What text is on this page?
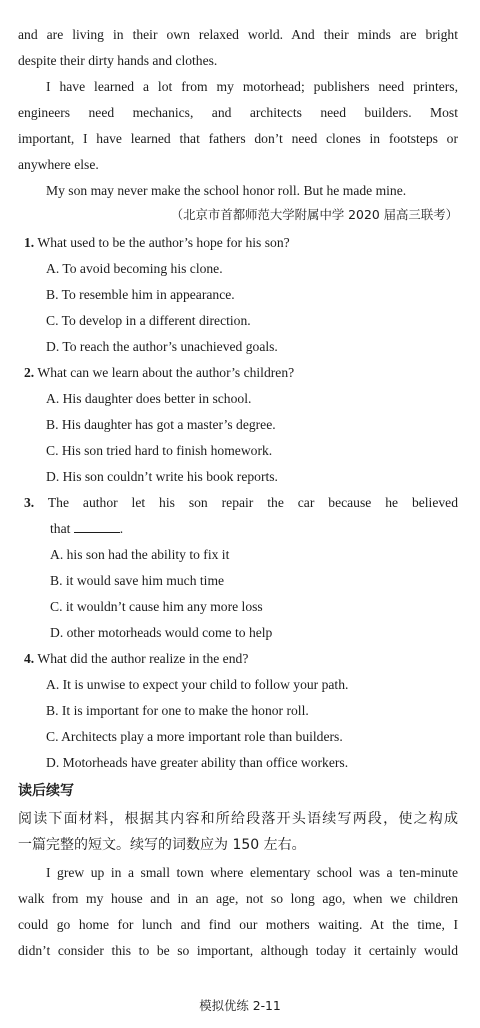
and are living in their own relaxed world. And their minds are bright
despite their dirty hands and clothes.
I have learned a lot from my motorhead; publishers need printers,
engineers need mechanics, and architects need builders. Most
important, I have learned that fathers don’t need clones in footsteps or
anywhere else.
My son may never make the school honor roll. But he made mine.
（北京市首都师范大学附属中学 2020 届高三联考）
1. What used to be the author’s hope for his son?
A. To avoid becoming his clone.
B. To resemble him in appearance.
C. To develop in a different direction.
D. To reach the author’s unachieved goals.
2. What can we learn about the author’s children?
A. His daughter does better in school.
B. His daughter has got a master’s degree.
C. His son tried hard to finish homework.
D. His son couldn’t write his book reports.
3. The author let his son repair the car because he believed
that	.
A. his son had the ability to fix it
B. it would save him much time
C. it wouldn’t cause him any more loss
D. other motorheads would come to help
4. What did the author realize in the end?
A. It is unwise to expect your child to follow your path.
B. It is important for one to make the honor roll.
C. Architects play a more important role than builders.
D. Motorheads have greater ability than office workers.
读后续写
阅读下面材料，根据其内容和所给段落开头语续写两段，使之构成
一篇完整的短文。续写的词数应为 150 左右。
I grew up in a small town where elementary school was a ten-minute
walk from my house and in an age, not so long ago, when we children
could go home for lunch and find our mothers waiting. At the time, I
didn’t consider this to be so important, although today it certainly would
模拟优练 2-11
